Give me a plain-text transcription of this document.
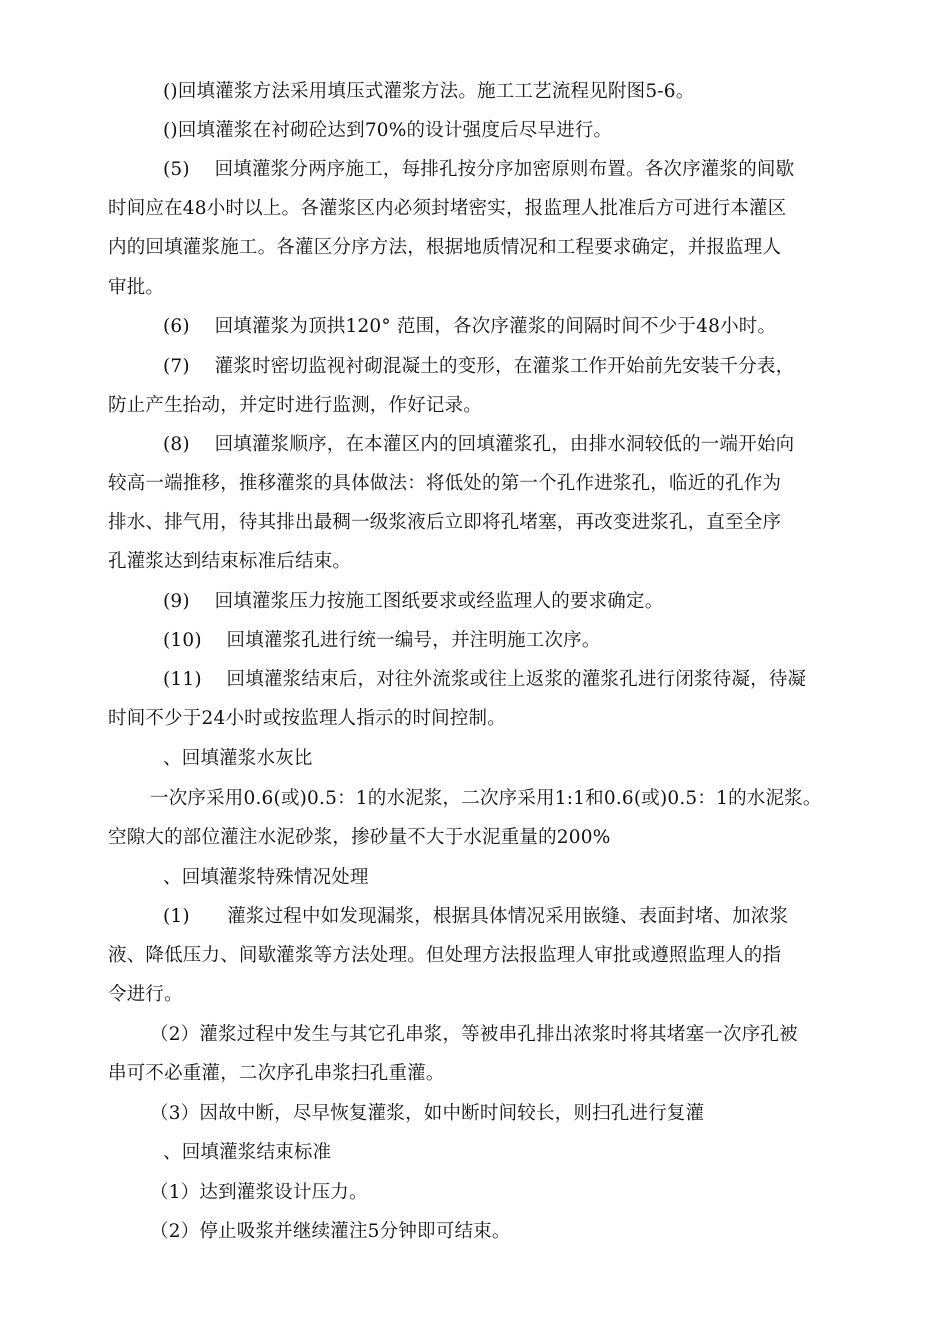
()回填灌浆方法采用填压式灌浆方法。施工工艺流程见附图5-6。
()回填灌浆在衬砌砼达到70%的设计强度后尽早进行。
(5)　 回填灌浆分两序施工，每排孔按分序加密原则布置。各次序灌浆的间歇
时间应在48小时以上。各灌浆区内必须封堵密实，报监理人批准后方可进行本灌区
内的回填灌浆施工。各灌区分序方法，根据地质情况和工程要求确定，并报监理人
审批。
(6)　 回填灌浆为顶拱120° 范围，各次序灌浆的间隔时间不少于48小时。
(7)　 灌浆时密切监视衬砌混凝土的变形，在灌浆工作开始前先安装千分表，
防止产生抬动，并定时进行监测，作好记录。
(8)　 回填灌浆顺序，在本灌区内的回填灌浆孔，由排水洞较低的一端开始向
较高一端推移，推移灌浆的具体做法：将低处的第一个孔作进浆孔，临近的孔作为
排水、排气用，待其排出最稠一级浆液后立即将孔堵塞，再改变进浆孔，直至全序
孔灌浆达到结束标准后结束。
(9)　 回填灌浆压力按施工图纸要求或经监理人的要求确定。
(10)　 回填灌浆孔进行统一编号，并注明施工次序。
(11)　 回填灌浆结束后，对往外流浆或往上返浆的灌浆孔进行闭浆待凝，待凝
时间不少于24小时或按监理人指示的时间控制。
、回填灌浆水灰比
一次序采用0.6(或)0.5：1的水泥浆，二次序采用1:1和0.6(或)0.5：1的水泥浆。
空隙大的部位灌注水泥砂浆，掺砂量不大于水泥重量的200%
、回填灌浆特殊情况处理
(1)　　灌浆过程中如发现漏浆，根据具体情况采用嵌缝、表面封堵、加浓浆
液、降低压力、间歇灌浆等方法处理。但处理方法报监理人审批或遵照监理人的指
令进行。
（2）灌浆过程中发生与其它孔串浆，等被串孔排出浓浆时将其堵塞一次序孔被
串可不必重灌，二次序孔串浆扫孔重灌。
（3）因故中断，尽早恢复灌浆，如中断时间较长，则扫孔进行复灌
、回填灌浆结束标准
（1）达到灌浆设计压力。
（2）停止吸浆并继续灌注5分钟即可结束。
